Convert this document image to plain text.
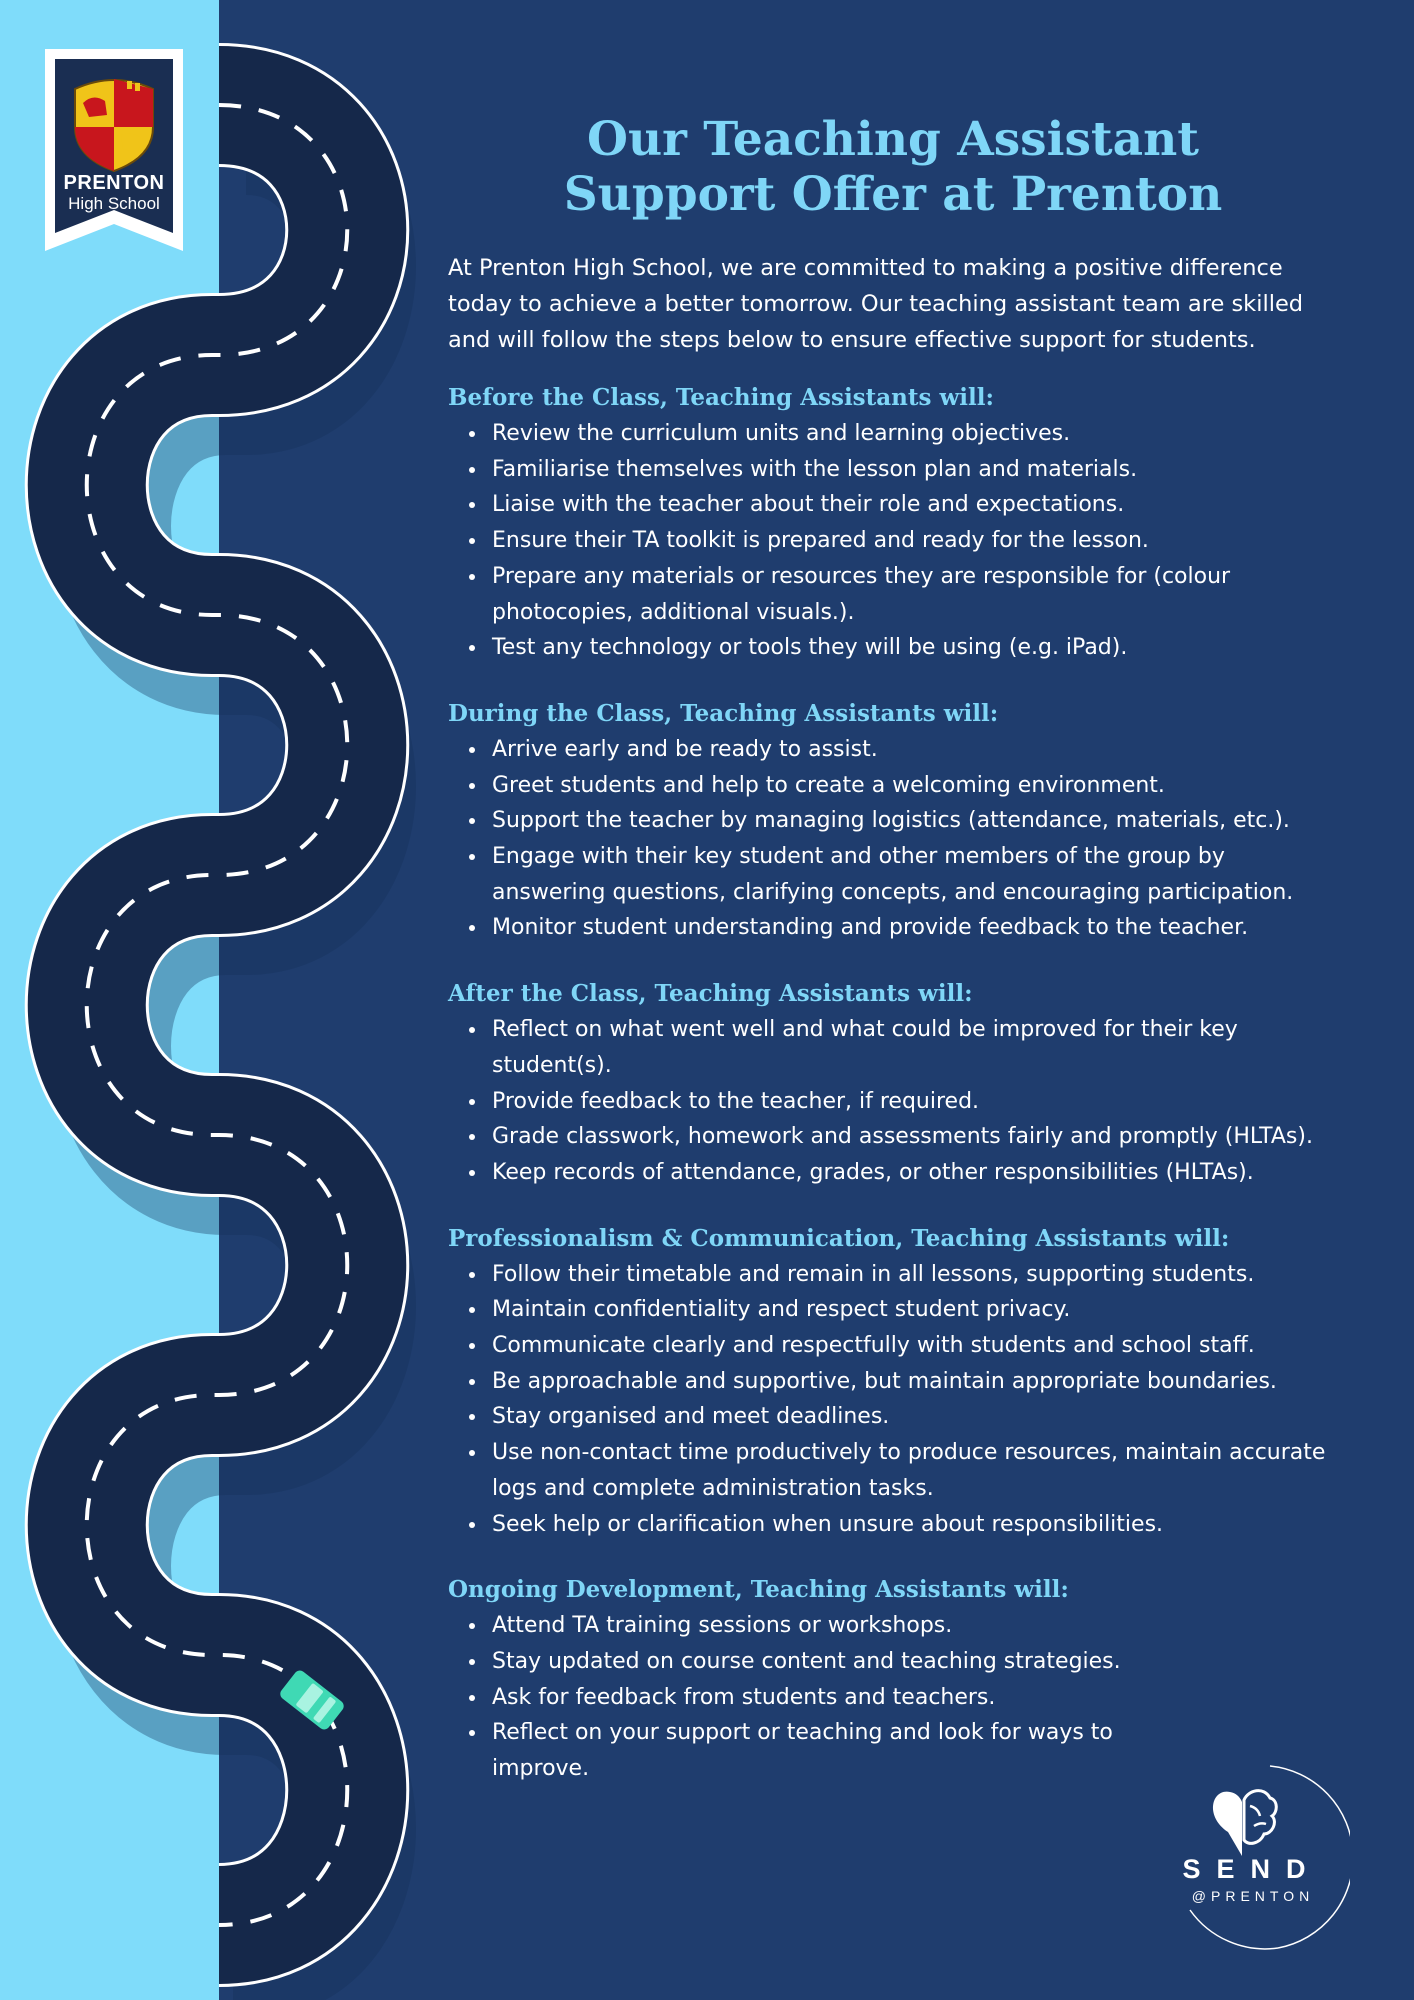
PRENTON
High School
Our Teaching Assistant
Support Offer at Prenton

At Prenton High School, we are committed to making a positive difference today to achieve a better tomorrow. Our teaching assistant team are skilled and will follow the steps below to ensure effective support for students.

Before the Class, Teaching Assistants will:
Review the curriculum units and learning objectives.
Familiarise themselves with the lesson plan and materials.
Liaise with the teacher about their role and expectations.
Ensure their TA toolkit is prepared and ready for the lesson.
Prepare any materials or resources they are responsible for (colour photocopies, additional visuals.).
Test any technology or tools they will be using (e.g. iPad).
During the Class, Teaching Assistants will:
Arrive early and be ready to assist.
Greet students and help to create a welcoming environment.
Support the teacher by managing logistics (attendance, materials, etc.).
Engage with their key student and other members of the group by answering questions, clarifying concepts, and encouraging participation.
Monitor student understanding and provide feedback to the teacher.
After the Class, Teaching Assistants will:
Reflect on what went well and what could be improved for their key student(s).
Provide feedback to the teacher, if required.
Grade classwork, homework and assessments fairly and promptly (HLTAs).
Keep records of attendance, grades, or other responsibilities (HLTAs).
Professionalism & Communication, Teaching Assistants will:
Follow their timetable and remain in all lessons, supporting students.
Maintain confidentiality and respect student privacy.
Communicate clearly and respectfully with students and school staff.
Be approachable and supportive, but maintain appropriate boundaries.
Stay organised and meet deadlines.
Use non-contact time productively to produce resources, maintain accurate logs and complete administration tasks.
Seek help or clarification when unsure about responsibilities.
Ongoing Development, Teaching Assistants will:
Attend TA training sessions or workshops.
Stay updated on course content and teaching strategies.
Ask for feedback from students and teachers.
Reflect on your support or teaching and look for ways to improve.
SEND
@PRENTON
